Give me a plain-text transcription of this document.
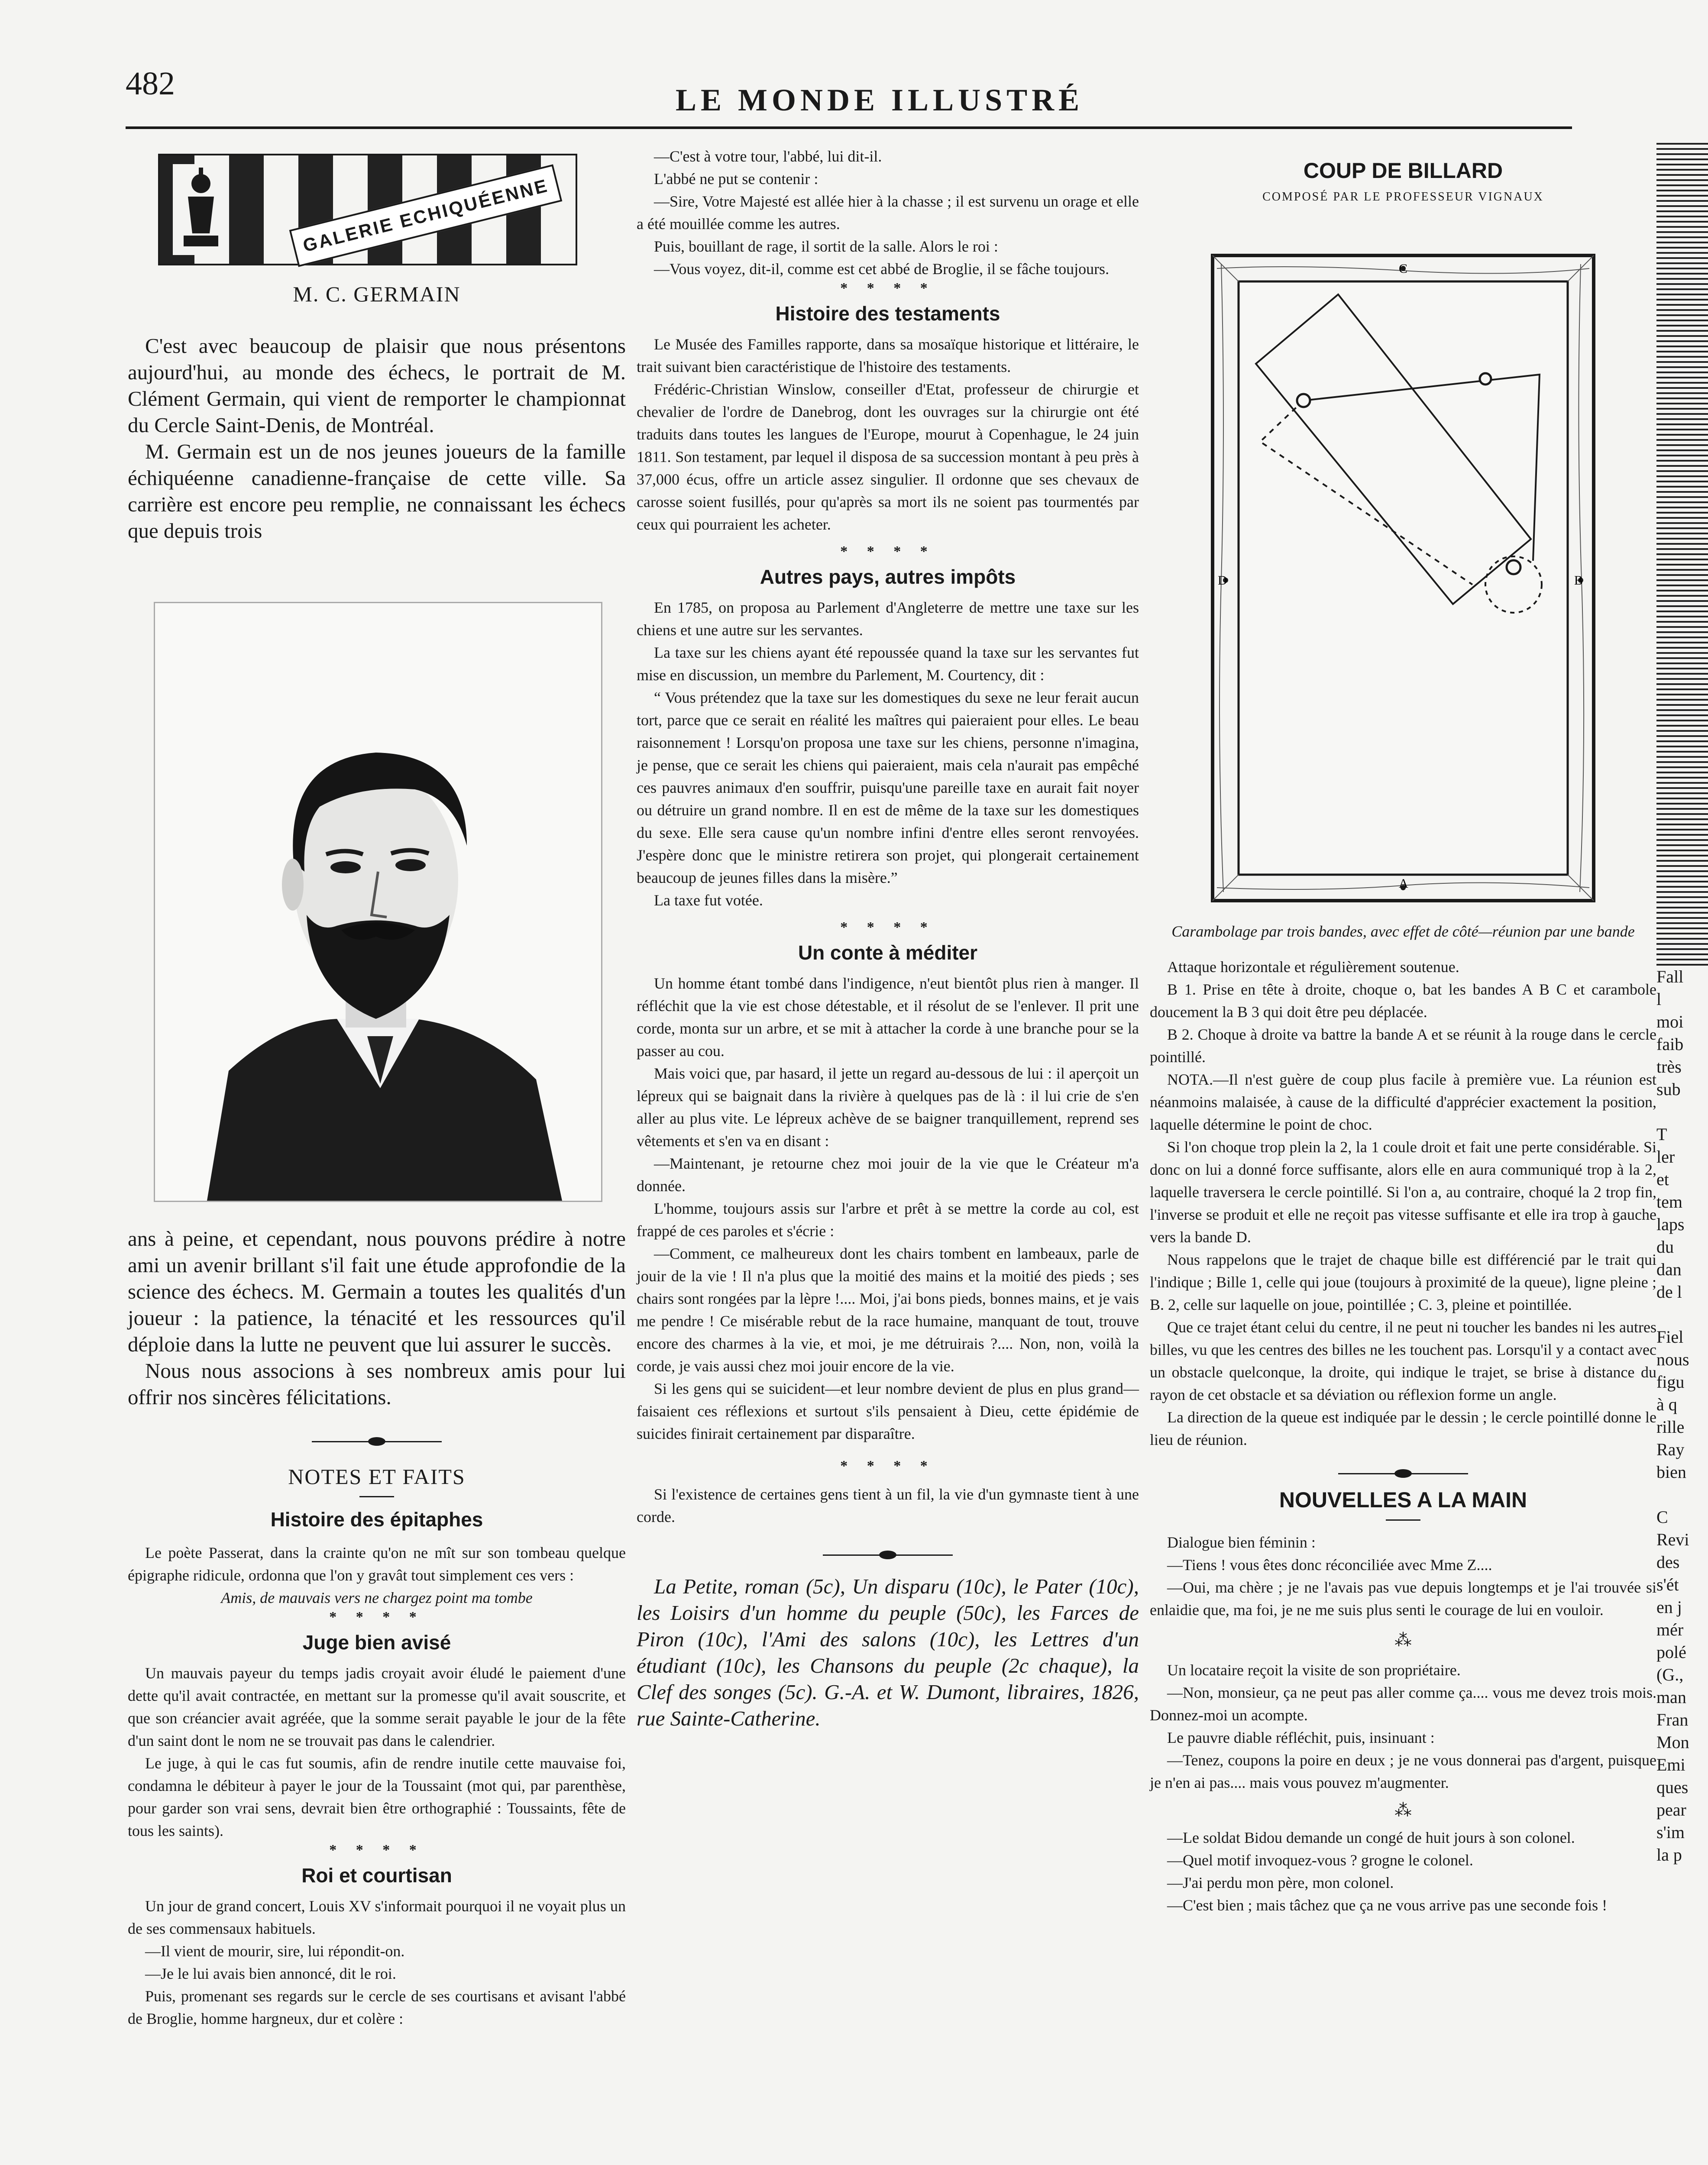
482	LE MONDE ILLUSTRÉ
GALERIE ECHIQUÉENNE
M. C. GERMAIN

C'est avec beaucoup de plaisir que nous présentons aujourd'hui, au monde des échecs, le portrait de M. Clément Germain, qui vient de remporter le championnat du Cercle Saint-Denis, de Montréal.

M. Germain est un de nos jeunes joueurs de la famille échiquéenne canadienne-française de cette ville. Sa carrière est encore peu remplie, ne connaissant les échecs que depuis trois

ans à peine, et cependant, nous pouvons prédire à notre ami un avenir brillant s'il fait une étude approfondie de la science des échecs. M. Germain a toutes les qualités d'un joueur : la patience, la ténacité et les ressources qu'il déploie dans la lutte ne peuvent que lui assurer le succès.

Nous nous associons à ses nombreux amis pour lui offrir nos sincères félicitations.

NOTES ET FAITS
Histoire des épitaphes

Le poète Passerat, dans la crainte qu'on ne mît sur son tombeau quelque épigraphe ridicule, ordonna que l'on y gravât tout simplement ces vers :

Amis, de mauvais vers ne chargez point ma tombe

* * * *
Juge bien avisé

Un mauvais payeur du temps jadis croyait avoir éludé le paiement d'une dette qu'il avait contractée, en mettant sur la promesse qu'il avait souscrite, et que son créancier avait agréée, que la somme serait payable le jour de la fête d'un saint dont le nom ne se trouvait pas dans le calendrier.

Le juge, à qui le cas fut soumis, afin de rendre inutile cette mauvaise foi, condamna le débiteur à payer le jour de la Toussaint (mot qui, par parenthèse, pour garder son vrai sens, devrait bien être orthographié : Toussaints, fête de tous les saints).

* * * *
Roi et courtisan

Un jour de grand concert, Louis XV s'informait pourquoi il ne voyait plus un de ses commensaux habituels.

—Il vient de mourir, sire, lui répondit-on.

—Je le lui avais bien annoncé, dit le roi.

Puis, promenant ses regards sur le cercle de ses courtisans et avisant l'abbé de Broglie, homme hargneux, dur et colère :

—C'est à votre tour, l'abbé, lui dit-il.

L'abbé ne put se contenir :

—Sire, Votre Majesté est allée hier à la chasse ; il est survenu un orage et elle a été mouillée comme les autres.

Puis, bouillant de rage, il sortit de la salle. Alors le roi :

—Vous voyez, dit-il, comme est cet abbé de Broglie, il se fâche toujours.

* * * *
Histoire des testaments

Le Musée des Familles rapporte, dans sa mosaïque historique et littéraire, le trait suivant bien caractéristique de l'histoire des testaments.

Frédéric-Christian Winslow, conseiller d'Etat, professeur de chirurgie et chevalier de l'ordre de Danebrog, dont les ouvrages sur la chirurgie ont été traduits dans toutes les langues de l'Europe, mourut à Copenhague, le 24 juin 1811. Son testament, par lequel il disposa de sa succession montant à peu près à 37,000 écus, offre un article assez singulier. Il ordonne que ses chevaux de carosse soient fusillés, pour qu'après sa mort ils ne soient pas tourmentés par ceux qui pourraient les acheter.

* * * *
Autres pays, autres impôts

En 1785, on proposa au Parlement d'Angleterre de mettre une taxe sur les chiens et une autre sur les servantes.

La taxe sur les chiens ayant été repoussée quand la taxe sur les servantes fut mise en discussion, un membre du Parlement, M. Courtency, dit :

“ Vous prétendez que la taxe sur les domestiques du sexe ne leur ferait aucun tort, parce que ce serait en réalité les maîtres qui paieraient pour elles. Le beau raisonnement ! Lorsqu'on proposa une taxe sur les chiens, personne n'imagina, je pense, que ce serait les chiens qui paieraient, mais cela n'aurait pas empêché ces pauvres animaux d'en souffrir, puisqu'une pareille taxe en aurait fait noyer ou détruire un grand nombre. Il en est de même de la taxe sur les domestiques du sexe. Elle sera cause qu'un nombre infini d'entre elles seront renvoyées. J'espère donc que le ministre retirera son projet, qui plongerait certainement beaucoup de jeunes filles dans la misère.”

La taxe fut votée.

* * * *
Un conte à méditer

Un homme étant tombé dans l'indigence, n'eut bientôt plus rien à manger. Il réfléchit que la vie est chose détestable, et il résolut de se l'enlever. Il prit une corde, monta sur un arbre, et se mit à attacher la corde à une branche pour se la passer au cou.

Mais voici que, par hasard, il jette un regard au-dessous de lui : il aperçoit un lépreux qui se baignait dans la rivière à quelques pas de là : il lui crie de s'en aller au plus vite. Le lépreux achève de se baigner tranquillement, reprend ses vêtements et s'en va en disant :

—Maintenant, je retourne chez moi jouir de la vie que le Créateur m'a donnée.

L'homme, toujours assis sur l'arbre et prêt à se mettre la corde au col, est frappé de ces paroles et s'écrie :

—Comment, ce malheureux dont les chairs tombent en lambeaux, parle de jouir de la vie ! Il n'a plus que la moitié des mains et la moitié des pieds ; ses chairs sont rongées par la lèpre !.... Moi, j'ai bons pieds, bonnes mains, et je vais me pendre ! Ce misérable rebut de la race humaine, manquant de tout, trouve encore des charmes à la vie, et moi, je me détruirais ?.... Non, non, voilà la corde, je vais aussi chez moi jouir encore de la vie.

Si les gens qui se suicident—et leur nombre devient de plus en plus grand—faisaient ces réflexions et surtout s'ils pensaient à Dieu, cette épidémie de suicides finirait certainement par disparaître.

* * * *

Si l'existence de certaines gens tient à un fil, la vie d'un gymnaste tient à une corde.

La Petite, roman (5c), Un disparu (10c), le Pater (10c), les Loisirs d'un homme du peuple (50c), les Farces de Piron (10c), l'Ami des salons (10c), les Lettres d'un étudiant (10c), les Chansons du peuple (2c chaque), la Clef des songes (5c). G.-A. et W. Dumont, libraires, 1826, rue Sainte-Catherine.

COUP DE BILLARD
COMPOSÉ PAR LE PROFESSEUR VIGNAUX
A
B
C
D

Carambolage par trois bandes, avec effet de côté—réunion par une bande

Attaque horizontale et régulièrement soutenue.

B 1. Prise en tête à droite, choque o, bat les bandes A B C et carambole doucement la B 3 qui doit être peu déplacée.

B 2. Choque à droite va battre la bande A et se réunit à la rouge dans le cercle pointillé.

NOTA.—Il n'est guère de coup plus facile à première vue. La réunion est néanmoins malaisée, à cause de la difficulté d'apprécier exactement la position, laquelle détermine le point de choc.

Si l'on choque trop plein la 2, la 1 coule droit et fait une perte considérable. Si donc on lui a donné force suffisante, alors elle en aura communiqué trop à la 2, laquelle traversera le cercle pointillé. Si l'on a, au contraire, choqué la 2 trop fin, l'inverse se produit et elle ne reçoit pas vitesse suffisante et elle ira trop à gauche vers la bande D.

Nous rappelons que le trajet de chaque bille est différencié par le trait qui l'indique ; Bille 1, celle qui joue (toujours à proximité de la queue), ligne pleine ; B. 2, celle sur laquelle on joue, pointillée ; C. 3, pleine et pointillée.

Que ce trajet étant celui du centre, il ne peut ni toucher les bandes ni les autres billes, vu que les centres des billes ne les touchent pas. Lorsqu'il y a contact avec un obstacle quelconque, la droite, qui indique le trajet, se brise à distance du rayon de cet obstacle et sa déviation ou réflexion forme un angle.

La direction de la queue est indiquée par le dessin ; le cercle pointillé donne le lieu de réunion.

NOUVELLES A LA MAIN

Dialogue bien féminin :

—Tiens ! vous êtes donc réconciliée avec Mme Z....

—Oui, ma chère ; je ne l'avais pas vue depuis longtemps et je l'ai trouvée si enlaidie que, ma foi, je ne me suis plus senti le courage de lui en vouloir.

⁂

Un locataire reçoit la visite de son propriétaire.

—Non, monsieur, ça ne peut pas aller comme ça.... vous me devez trois mois. Donnez-moi un acompte.

Le pauvre diable réfléchit, puis, insinuant :

—Tenez, coupons la poire en deux ; je ne vous donnerai pas d'argent, puisque je n'en ai pas.... mais vous pouvez m'augmenter.

⁂

—Le soldat Bidou demande un congé de huit jours à son colonel.

—Quel motif invoquez-vous ? grogne le colonel.

—J'ai perdu mon père, mon colonel.

—C'est bien ; mais tâchez que ça ne vous arrive pas une seconde fois !

Fall
l
moi
faib
très
sub

T
ler
et
tem
laps
du
dan
de l

Fiel
nous
figu
à q
rille
Ray
bien

C
Revi
des
s'ét
en j
mér
polé
(G.,
man
Fran
Mon
Emi
ques
pear
s'im
la p
